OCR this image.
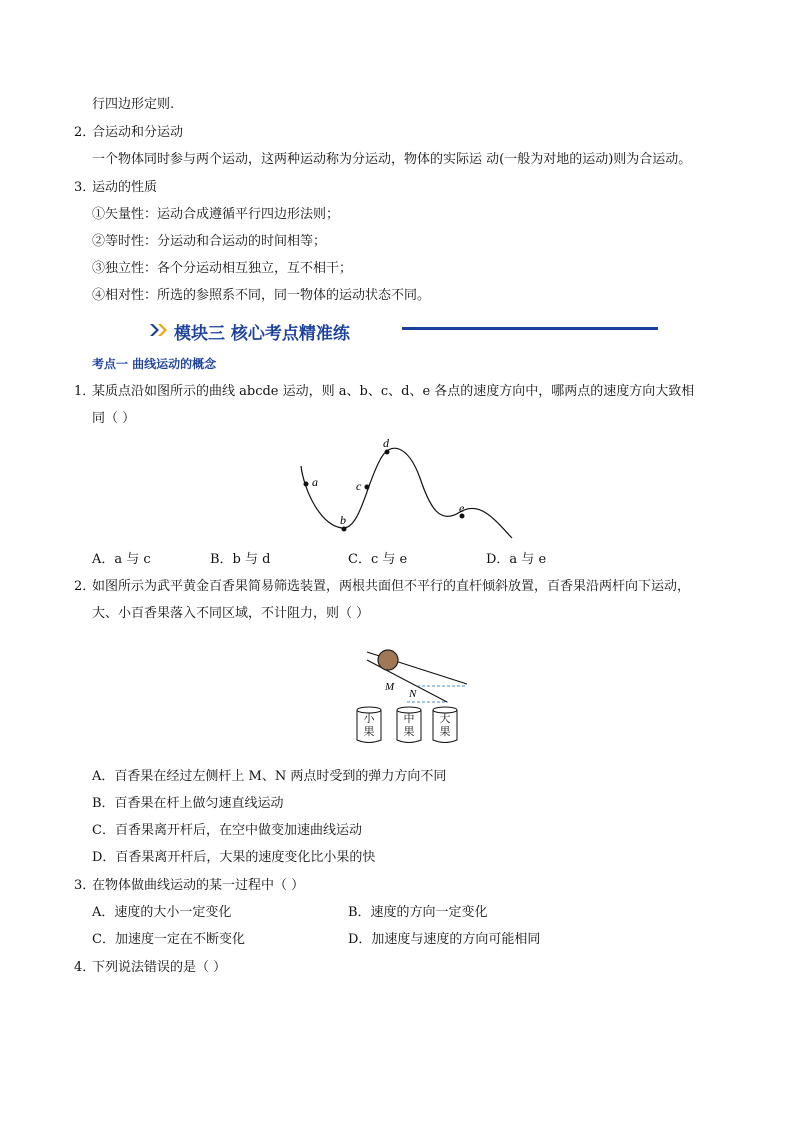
行四边形定则.
2．
合运动和分运动
一个物体同时参与两个运动，这两种运动称为分运动，物体的实际运 动(一般为对地的运动)则为合运动。
3．
运动的性质
①矢量性：运动合成遵循平行四边形法则；
②等时性：分运动和合运动的时间相等；
③独立性：各个分运动相互独立，互不相干；
④相对性：所选的参照系不同，同一物体的运动状态不同。
模块三 核心考点精准练
考点一 曲线运动的概念
1．
某质点沿如图所示的曲线 abcde 运动，则 a、b、c、d、e 各点的速度方向中，哪两点的速度方向大致相
同（ ）
a
b
c
d
e
A．a 与 c	B．b 与 d	C．c 与 e	D．a 与 e
2．
如图所示为武平黄金百香果简易筛选装置，两根共面但不平行的直杆倾斜放置，百香果沿两杆向下运动，
大、小百香果落入不同区域，不计阻力，则（ ）
M
N
小果
中果
大果
A．百香果在经过左侧杆上 M、N 两点时受到的弹力方向不同
B．百香果在杆上做匀速直线运动
C．百香果离开杆后，在空中做变加速曲线运动
D．百香果离开杆后，大果的速度变化比小果的快
3．
在物体做曲线运动的某一过程中（ ）
A．速度的大小一定变化	B．速度的方向一定变化
C．加速度一定在不断变化	D．加速度与速度的方向可能相同
4．
下列说法错误的是（ ）
